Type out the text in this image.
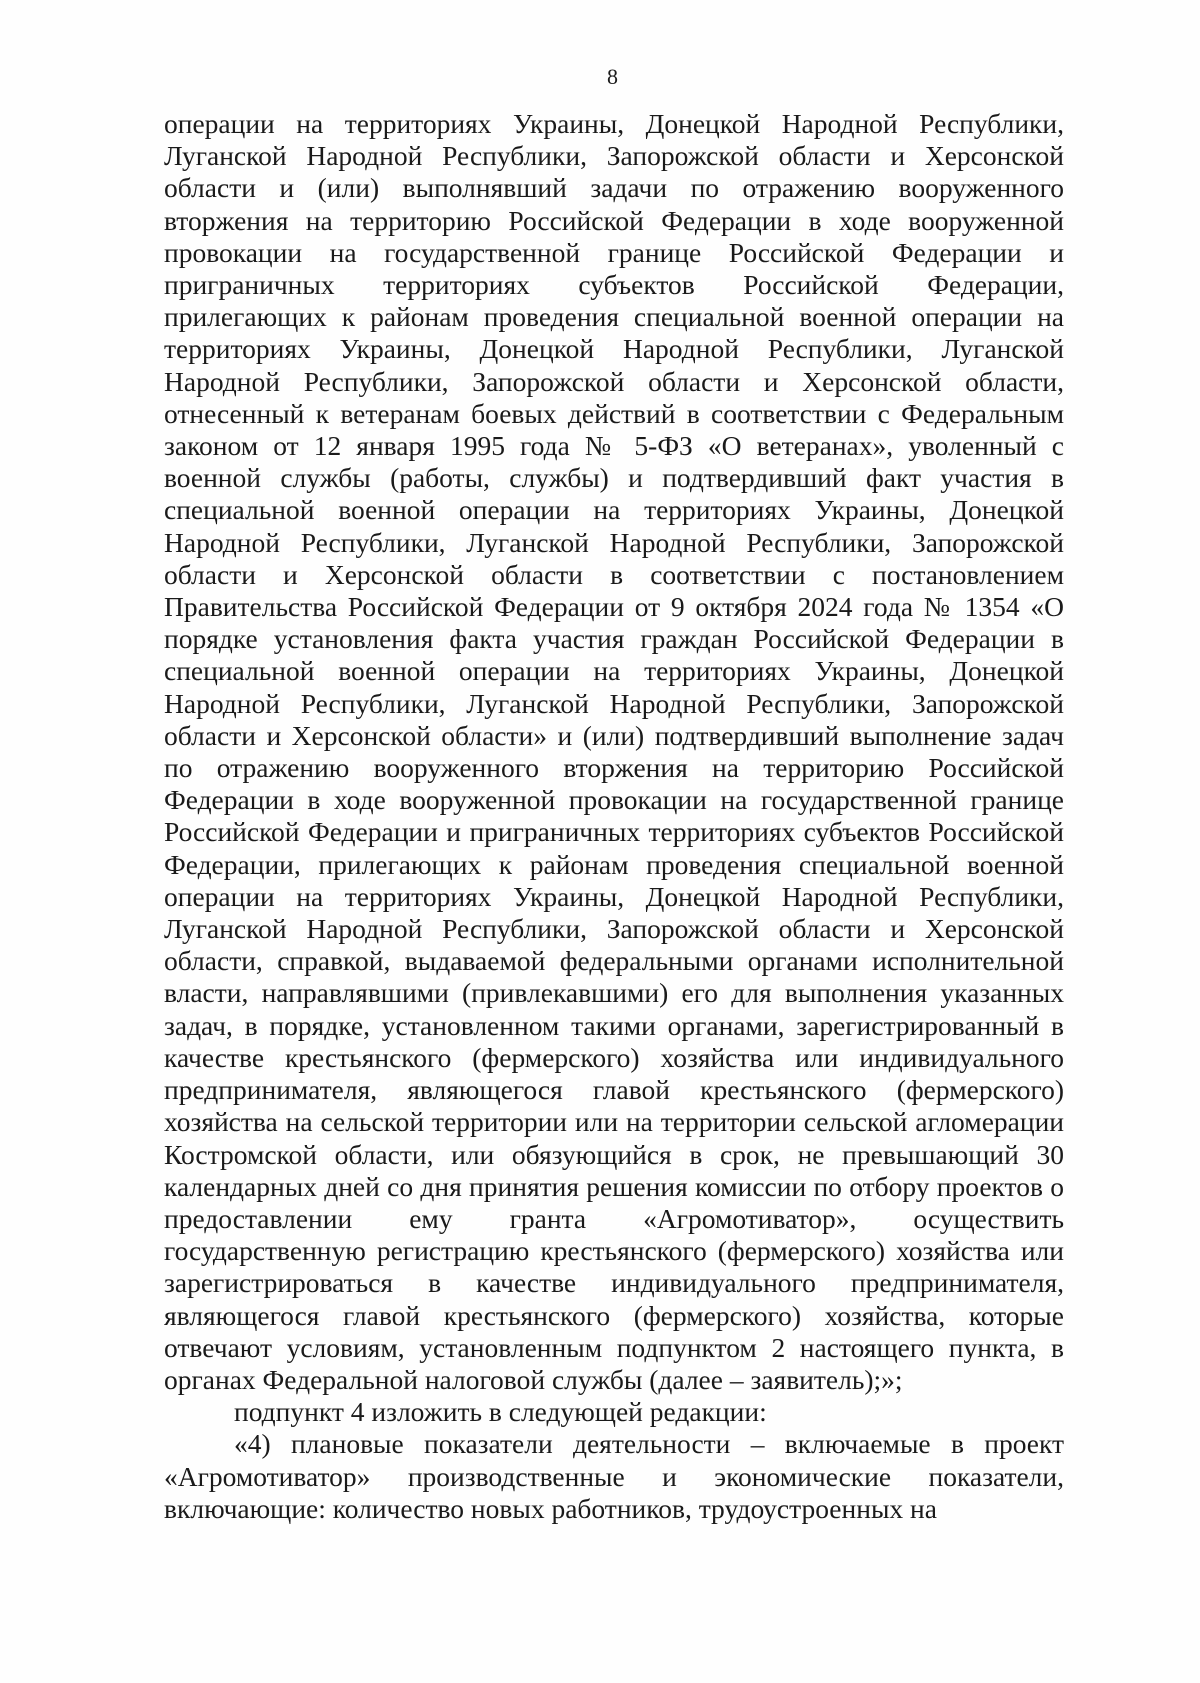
8

операции на территориях Украины, Донецкой Народной Республики, Луганской Народной Республики, Запорожской области и Херсонской области и (или) выполнявший задачи по отражению вооруженного вторжения на территорию Российской Федерации в ходе вооруженной провокации на государственной границе Российской Федерации и приграничных территориях субъектов Российской Федерации, прилегающих к районам проведения специальной военной операции на территориях Украины, Донецкой Народной Республики, Луганской Народной Республики, Запорожской области и Херсонской области, отнесенный к ветеранам боевых действий в соответствии с Федеральным законом от 12 января 1995 года № 5-ФЗ «О ветеранах», уволенный с военной службы (работы, службы) и подтвердивший факт участия в специальной военной операции на территориях Украины, Донецкой Народной Республики, Луганской Народной Республики, Запорожской области и Херсонской области в соответствии с постановлением Правительства Российской Федерации от 9 октября 2024 года № 1354 «О порядке установления факта участия граждан Российской Федерации в специальной военной операции на территориях Украины, Донецкой Народной Республики, Луганской Народной Республики, Запорожской области и Херсонской области» и (или) подтвердивший выполнение задач по отражению вооруженного вторжения на территорию Российской Федерации в ходе вооруженной провокации на государственной границе Российской Федерации и приграничных территориях субъектов Российской Федерации, прилегающих к районам проведения специальной военной операции на территориях Украины, Донецкой Народной Республики, Луганской Народной Республики, Запорожской области и Херсонской области, справкой, выдаваемой федеральными органами исполнительной власти, направлявшими (привлекавшими) его для выполнения указанных задач, в порядке, установленном такими органами, зарегистрированный в качестве крестьянского (фермерского) хозяйства или индивидуального предпринимателя, являющегося главой крестьянского (фермерского) хозяйства на сельской территории или на территории сельской агломерации Костромской области, или обязующийся в срок, не превышающий 30 календарных дней со дня принятия решения комиссии по отбору проектов о предоставлении ему гранта «Агромотиватор», осуществить государственную регистрацию крестьянского (фермерского) хозяйства или зарегистрироваться в качестве индивидуального предпринимателя, являющегося главой крестьянского (фермерского) хозяйства, которые отвечают условиям, установленным подпунктом 2 настоящего пункта, в органах Федеральной налоговой службы (далее – заявитель);»;

подпункт 4 изложить в следующей редакции:

«4) плановые показатели деятельности – включаемые в проект «Агромотиватор» производственные и экономические показатели, включающие: количество новых работников, трудоустроенных на
